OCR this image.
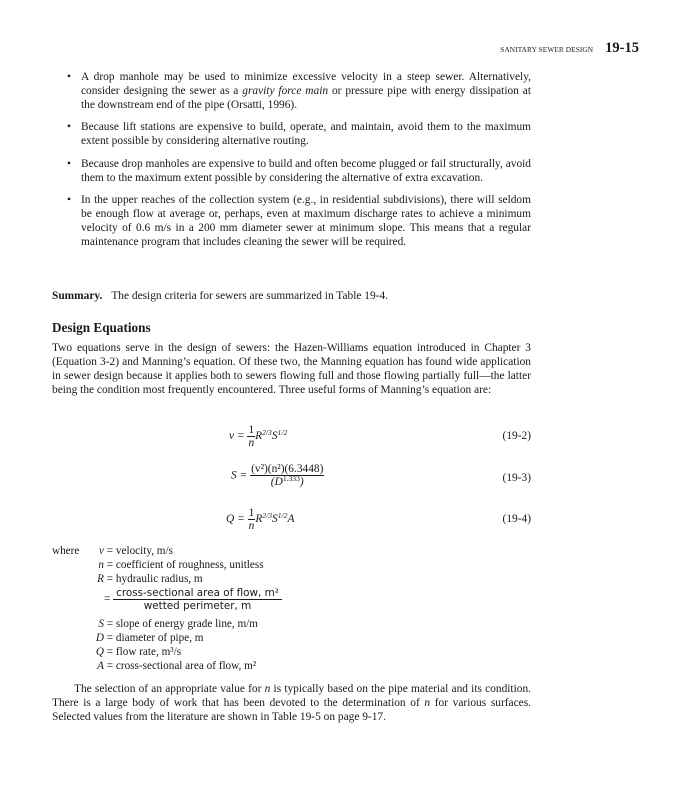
SANITARY SEWER DESIGN 19-15
• A drop manhole may be used to minimize excessive velocity in a steep sewer. Alternatively, consider designing the sewer as a gravity force main or pressure pipe with energy dissipation at the downstream end of the pipe (Orsatti, 1996).
• Because lift stations are expensive to build, operate, and maintain, avoid them to the maximum extent possible by considering alternative routing.
• Because drop manholes are expensive to build and often become plugged or fail structurally, avoid them to the maximum extent possible by considering the alternative of extra excavation.
• In the upper reaches of the collection system (e.g., in residential subdivisions), there will seldom be enough flow at average or, perhaps, even at maximum discharge rates to achieve a minimum velocity of 0.6 m/s in a 200 mm diameter sewer at minimum slope. This means that a regular maintenance program that includes cleaning the sewer will be required.
Summary. The design criteria for sewers are summarized in Table 19-4.
Design Equations

Two equations serve in the design of sewers: the Hazen-Williams equation introduced in Chapter 3 (Equation 3-2) and Manning’s equation. Of these two, the Manning equation has found wide application in sewer design because it applies both to sewers flowing full and those flowing partially full—the latter being the condition most frequently encountered. Three useful forms of Manning’s equation are:

$v = \frac{1}{n} R^{2/3}S^{1/2}$	(19-2)
$S = \frac{\text{(v²)(n²)(6.3448)}}{(D^{1.333})}$	(19-3)
$Q = \frac{1}{n} R^{2/3}S^{1/2}A$	(19-4)
where	v = velocity, m/s
n = coefficient of roughness, unitless
R = hydraulic radius, m
= $\frac{\text{cross-sectional area of flow, m²}}{\text{wetted perimeter, m}}$
S = slope of energy grade line, m/m
D = diameter of pipe, m
Q = flow rate, m³/s
A = cross-sectional area of flow, m²

The selection of an appropriate value for n is typically based on the pipe material and its condition. There is a large body of work that has been devoted to the determination of n for various surfaces. Selected values from the literature are shown in Table 19-5 on page 9-17.
